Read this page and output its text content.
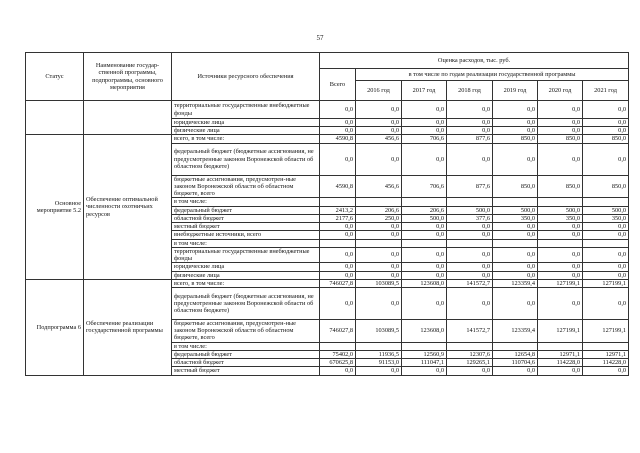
57
Статус	Наименование государ-ственной программы, подпрограммы, основного мероприятия	Источники ресурсного обеспечения	Оценка расходов, тыс. руб.						
			Всего	в том числе по годам реализации государственной программы					
				2016 год	2017 год	2018 год	2019 год	2020 год	2021 год
		территориальные государственные внебюджетные фонды	0,0	0,0	0,0	0,0	0,0	0,0	0,0
		юридические лица	0,0	0,0	0,0	0,0	0,0	0,0	0,0
		физические лица	0,0	0,0	0,0	0,0	0,0	0,0	0,0
Основное мероприятие 5.2	Обеспечение оптимальной численности охотничьих ресурсов	всего, в том числе:	4590,8	456,6	706,6	877,6	850,0	850,0	850,0
		федеральный бюджет (бюджетные ассигнования, не предусмотренные законом Воронежской области об областном бюджете)	0,0	0,0	0,0	0,0	0,0	0,0	0,0
		бюджетные ассигнования, предусмотрен-ные законом Воронежской области об областном бюджете, всего	4590,8	456,6	706,6	877,6	850,0	850,0	850,0
		в том числе:							
		федеральный бюджет	2413,2	206,6	206,6	500,0	500,0	500,0	500,0
		областной бюджет	2177,6	250,0	500,0	377,6	350,0	350,0	350,0
		местный бюджет	0,0	0,0	0,0	0,0	0,0	0,0	0,0
		внебюджетные источники, всего	0,0	0,0	0,0	0,0	0,0	0,0	0,0
		в том числе:							
		территориальные государственные внебюджетные фонды	0,0	0,0	0,0	0,0	0,0	0,0	0,0
		юридические лица	0,0	0,0	0,0	0,0	0,0	0,0	0,0
		физические лица	0,0	0,0	0,0	0,0	0,0	0,0	0,0
Подпрограмма 6	Обеспечение реализации государственной программы	всего, в том числе:	746027,8	103089,5	123608,0	141572,7	123359,4	127199,1	127199,1
		федеральный бюджет (бюджетные ассигнования, не предусмотренные законом Воронежской области об областном бюджете)	0,0	0,0	0,0	0,0	0,0	0,0	0,0
		бюджетные ассигнования, предусмотрен-ные законом Воронежской области об областном бюджете, всего	746027,8	103089,5	123608,0	141572,7	123359,4	127199,1	127199,1
		в том числе:							
		федеральный бюджет	75402,0	11936,5	12560,9	12307,6	12654,8	12971,1	12971,1
		областной бюджет	670625,8	91153,0	111047,1	129265,1	110704,6	114228,0	114228,0
		местный бюджет	0,0	0,0	0,0	0,0	0,0	0,0	0,0
